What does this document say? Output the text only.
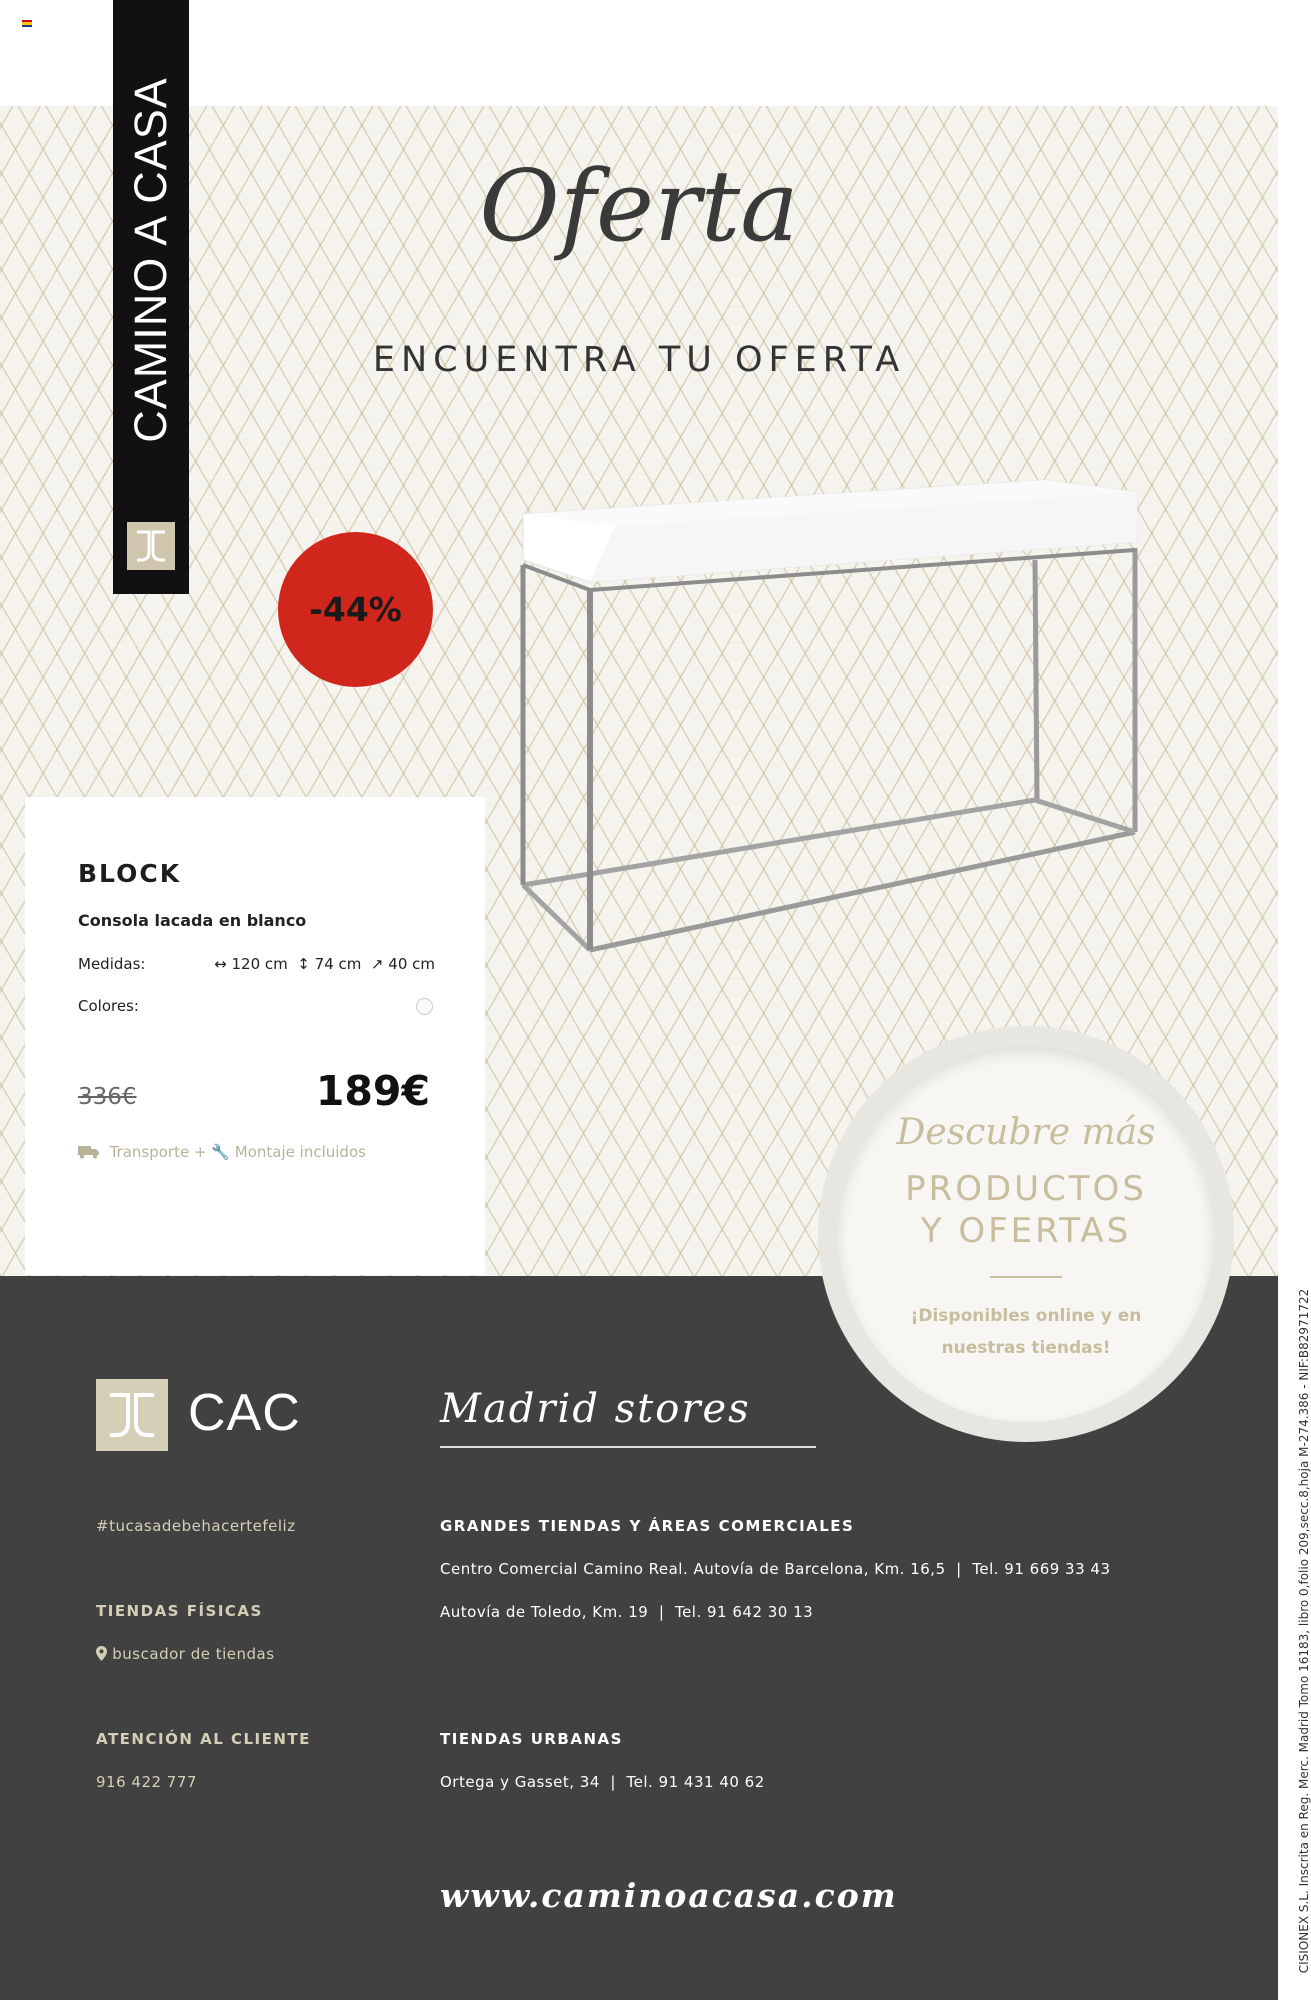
CAMINO A CASA	Oferta
ENCUENTRA TU OFERTA
-44%
BLOCK
Consola lacada en blanco
Medidas:	↔ 120 cm ↕ 74 cm ↗ 40 cm
Colores:
336€	189€
Transporte + 🔧 Montaje incluidos	Descubre más
PRODUCTOS
Y OFERTAS
¡Disponibles online y en nuestras tiendas!
CAC	Madrid stores
#tucasadebehacertefeliz
TIENDAS FÍSICAS
buscador de tiendas
ATENCIÓN AL CLIENTE
916 422 777
GRANDES TIENDAS Y ÁREAS COMERCIALES
Centro Comercial Camino Real. Autovía de Barcelona, Km. 16,5  |  Tel. 91 669 33 43
Autovía de Toledo, Km. 19  |  Tel. 91 642 30 13
TIENDAS URBANAS
Ortega y Gasset, 34  |  Tel. 91 431 40 62
www.caminoacasa.com	CISIONEX S.L. Inscrita en Reg. Merc. Madrid Tomo 16183, libro 0,folio 209,secc.8,hoja M-274.386 - NIF:B82971722
